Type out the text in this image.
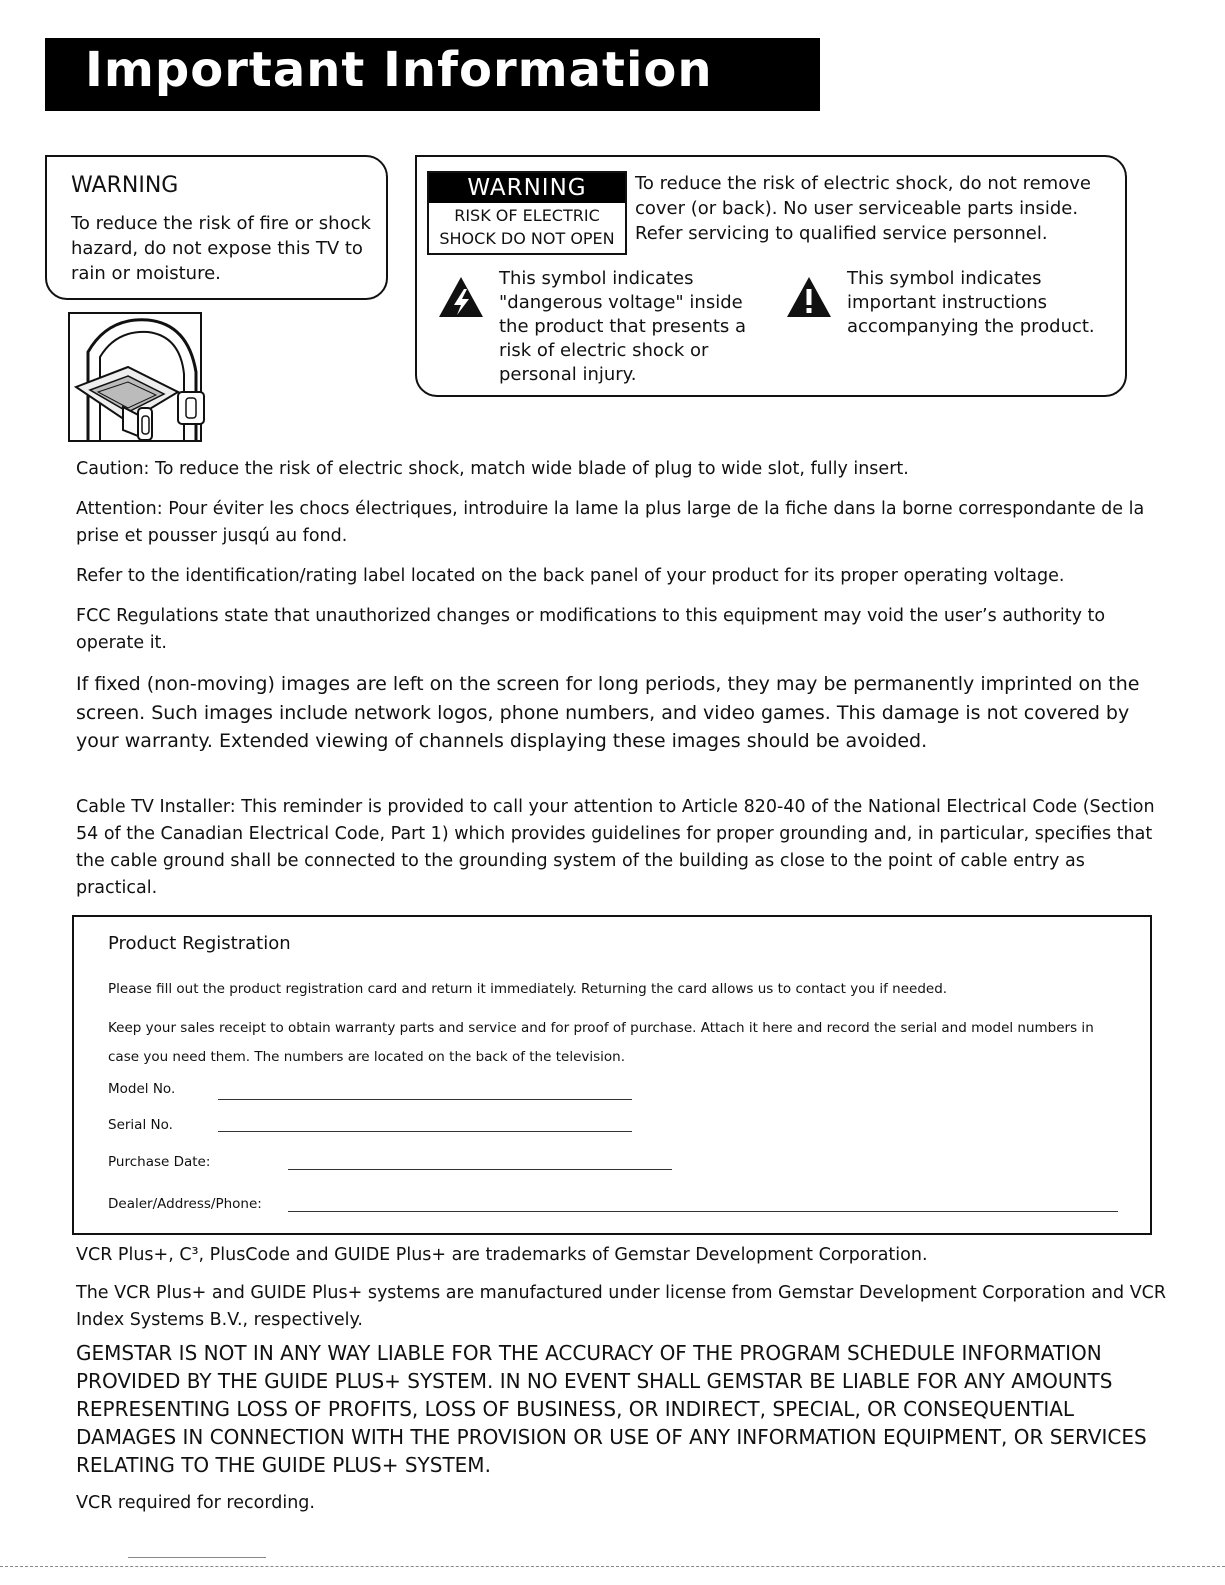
Important Information
WARNING
To reduce the risk of fire or shock hazard, do not expose this TV to rain or moisture.
WARNING
RISK OF ELECTRIC
SHOCK DO NOT OPEN
To reduce the risk of electric shock, do not remove cover (or back). No user serviceable parts inside. Refer servicing to qualified service personnel.
This symbol indicates "dangerous voltage" inside the product that presents a risk of electric shock or personal injury.
This symbol indicates important instructions accompanying the product.

Caution: To reduce the risk of electric shock, match wide blade of plug to wide slot, fully insert.

Attention: Pour éviter les chocs électriques, introduire la lame la plus large de la fiche dans la borne correspondante de la prise et pousser jusqú au fond.

Refer to the identification/rating label located on the back panel of your product for its proper operating voltage.

FCC Regulations state that unauthorized changes or modifications to this equipment may void the user’s authority to operate it.

If fixed (non-moving) images are left on the screen for long periods, they may be permanently imprinted on the screen. Such images include network logos, phone numbers, and video games. This damage is not covered by your warranty. Extended viewing of channels displaying these images should be avoided.

Cable TV Installer: This reminder is provided to call your attention to Article 820-40 of the National Electrical Code (Section 54 of the Canadian Electrical Code, Part 1) which provides guidelines for proper grounding and, in particular, specifies that the cable ground shall be connected to the grounding system of the building as close to the point of cable entry as practical.

Product Registration

Please fill out the product registration card and return it immediately. Returning the card allows us to contact you if needed.

Keep your sales receipt to obtain warranty parts and service and for proof of purchase. Attach it here and record the serial and model numbers in case you need them. The numbers are located on the back of the television.

Model No.
Serial No.
Purchase Date:
Dealer/Address/Phone:

VCR Plus+, C³, PlusCode and GUIDE Plus+ are trademarks of Gemstar Development Corporation.

The VCR Plus+ and GUIDE Plus+ systems are manufactured under license from Gemstar Development Corporation and VCR Index Systems B.V., respectively.

GEMSTAR IS NOT IN ANY WAY LIABLE FOR THE ACCURACY OF THE PROGRAM SCHEDULE INFORMATION PROVIDED BY THE GUIDE PLUS+ SYSTEM. IN NO EVENT SHALL GEMSTAR BE LIABLE FOR ANY AMOUNTS REPRESENTING LOSS OF PROFITS, LOSS OF BUSINESS, OR INDIRECT, SPECIAL, OR CONSEQUENTIAL DAMAGES IN CONNECTION WITH THE PROVISION OR USE OF ANY INFORMATION EQUIPMENT, OR SERVICES RELATING TO THE GUIDE PLUS+ SYSTEM.

VCR required for recording.
